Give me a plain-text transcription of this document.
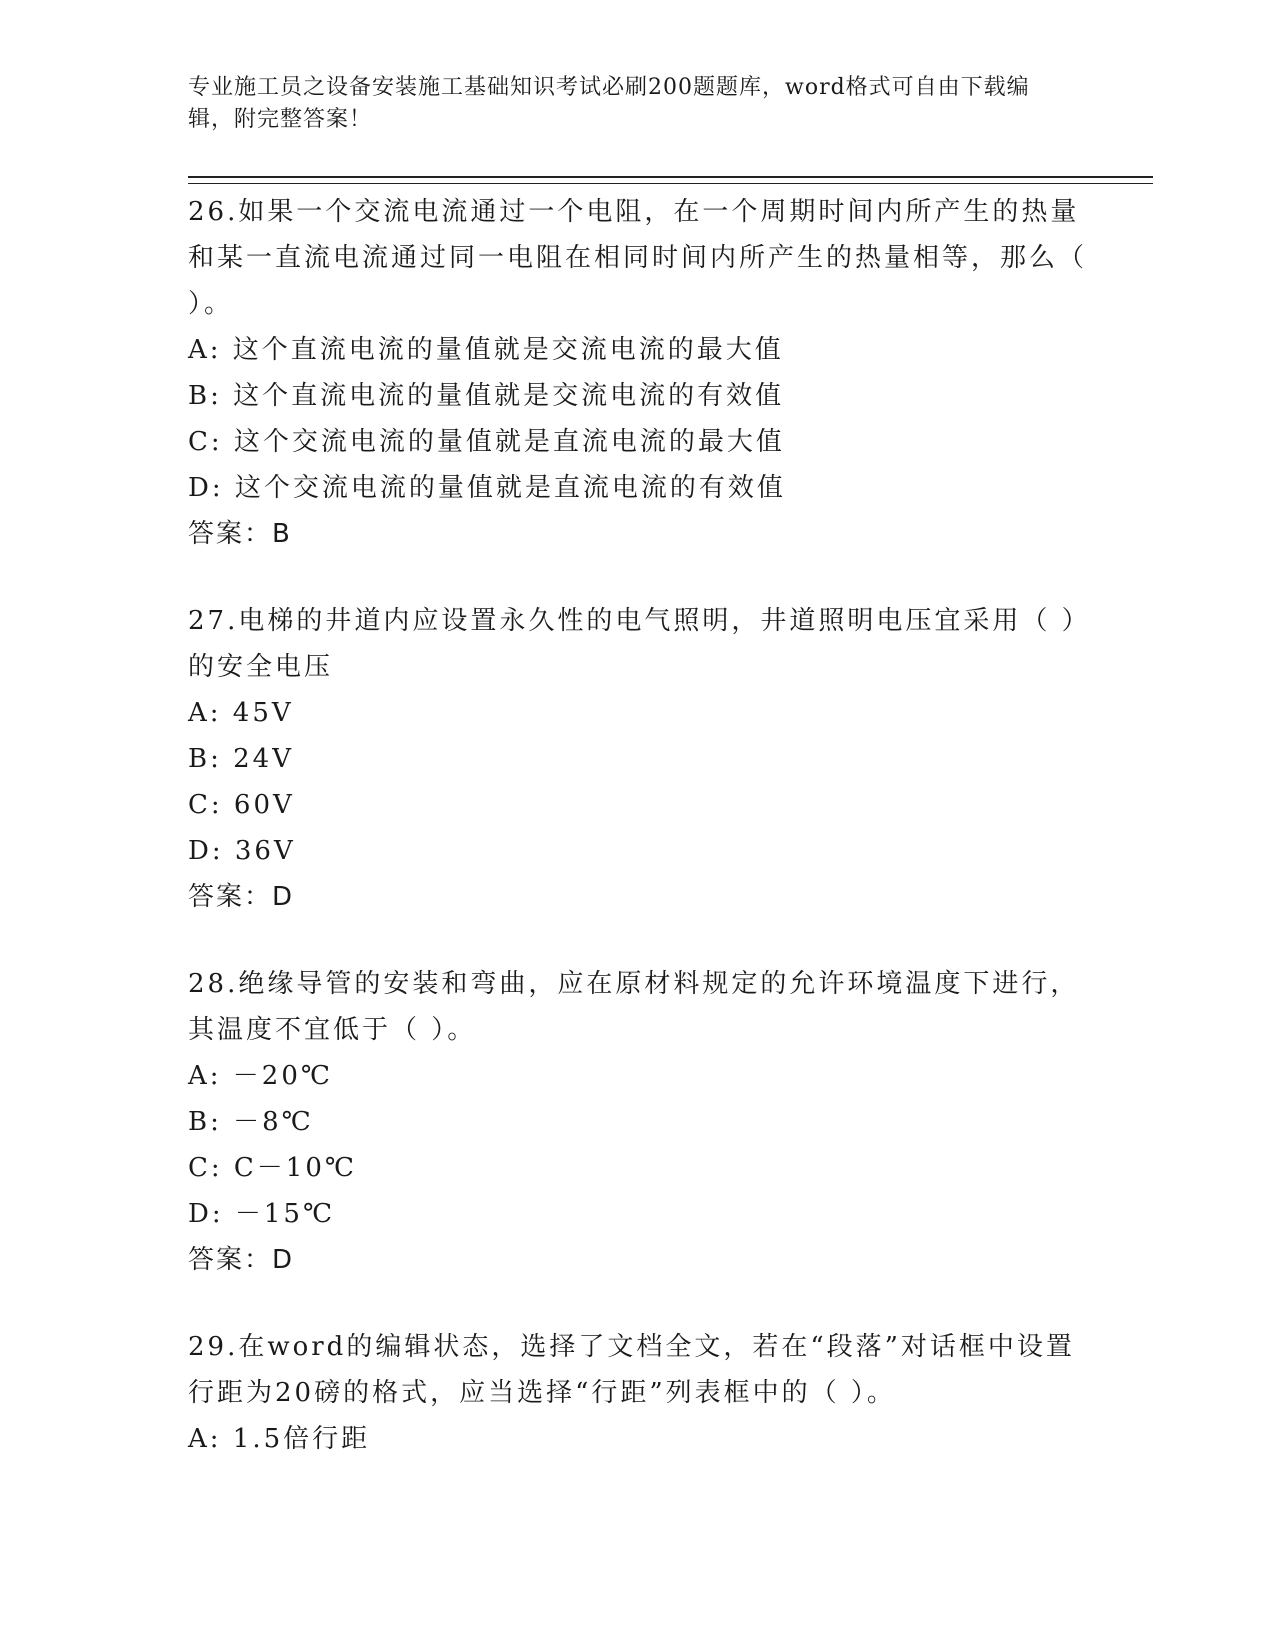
专业施工员之设备安装施工基础知识考试必刷200题题库，word格式可自由下载编辑，附完整答案！
26.如果一个交流电流通过一个电阻，在一个周期时间内所产生的热量和某一直流电流通过同一电阻在相同时间内所产生的热量相等，那么（ ）。
A: 这个直流电流的量值就是交流电流的最大值
B: 这个直流电流的量值就是交流电流的有效值
C: 这个交流电流的量值就是直流电流的最大值
D: 这个交流电流的量值就是直流电流的有效值
答案：B
27.电梯的井道内应设置永久性的电气照明，井道照明电压宜采用（ ）的安全电压
A: 45V
B: 24V
C: 60V
D: 36V
答案：D
28.绝缘导管的安装和弯曲，应在原材料规定的允许环境温度下进行，其温度不宜低于（ ）。
A: －20℃
B: －8℃
C: C－10℃
D: －15℃
答案：D
29.在word的编辑状态，选择了文档全文，若在“段落”对话框中设置行距为20磅的格式，应当选择“行距”列表框中的（ ）。
A: 1.5倍行距
